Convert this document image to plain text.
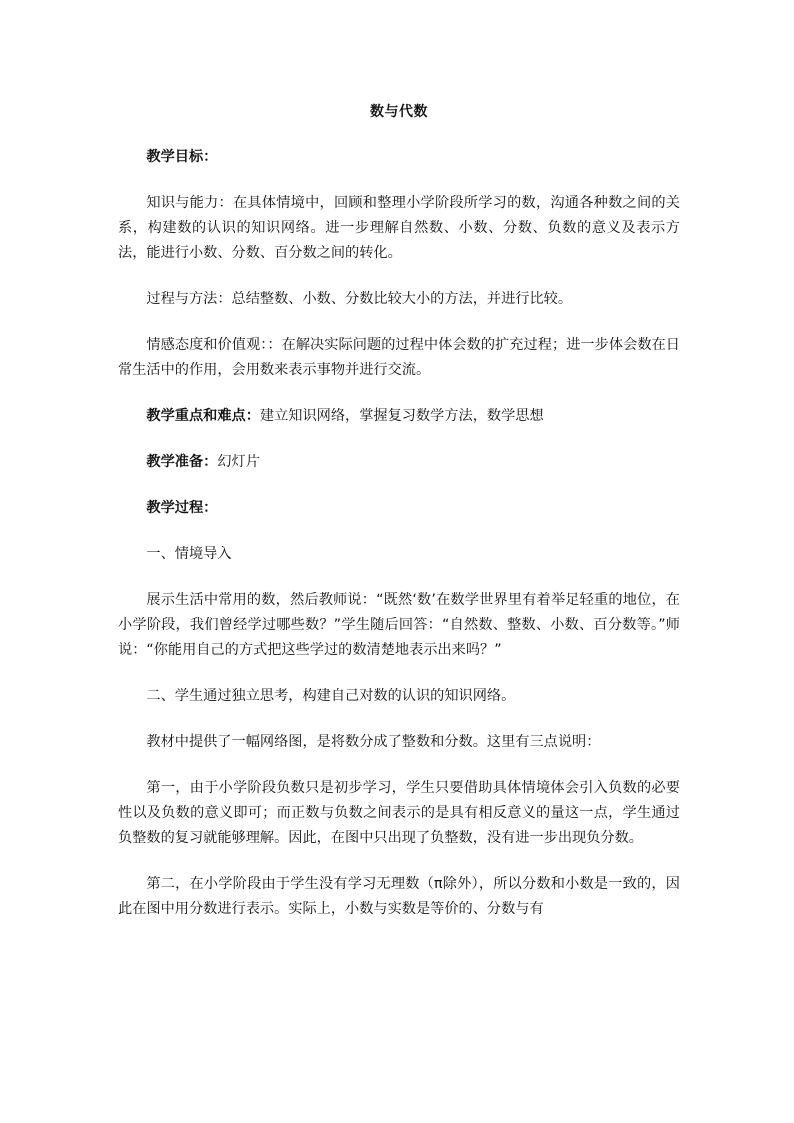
数与代数

教学目标：

知识与能力：在具体情境中，回顾和整理小学阶段所学习的数，沟通各种数之间的关系，构建数的认识的知识网络。进一步理解自然数、小数、分数、负数的意义及表示方法，能进行小数、分数、百分数之间的转化。

过程与方法：总结整数、小数、分数比较大小的方法，并进行比较。

情感态度和价值观：：在解决实际问题的过程中体会数的扩充过程；进一步体会数在日常生活中的作用，会用数来表示事物并进行交流。

教学重点和难点：建立知识网络，掌握复习数学方法，数学思想

教学准备：幻灯片

教学过程：

一、情境导入

展示生活中常用的数，然后教师说：“既然‘数’在数学世界里有着举足轻重的地位，在小学阶段，我们曾经学过哪些数？”学生随后回答：“自然数、整数、小数、百分数等。”师说：“你能用自己的方式把这些学过的数清楚地表示出来吗？”

二、学生通过独立思考，构建自己对数的认识的知识网络。

教材中提供了一幅网络图，是将数分成了整数和分数。这里有三点说明：

第一，由于小学阶段负数只是初步学习，学生只要借助具体情境体会引入负数的必要性以及负数的意义即可；而正数与负数之间表示的是具有相反意义的量这一点，学生通过负整数的复习就能够理解。因此，在图中只出现了负整数，没有进一步出现负分数。

第二，在小学阶段由于学生没有学习无理数（π除外），所以分数和小数是一致的，因此在图中用分数进行表示。实际上，小数与实数是等价的、分数与有
